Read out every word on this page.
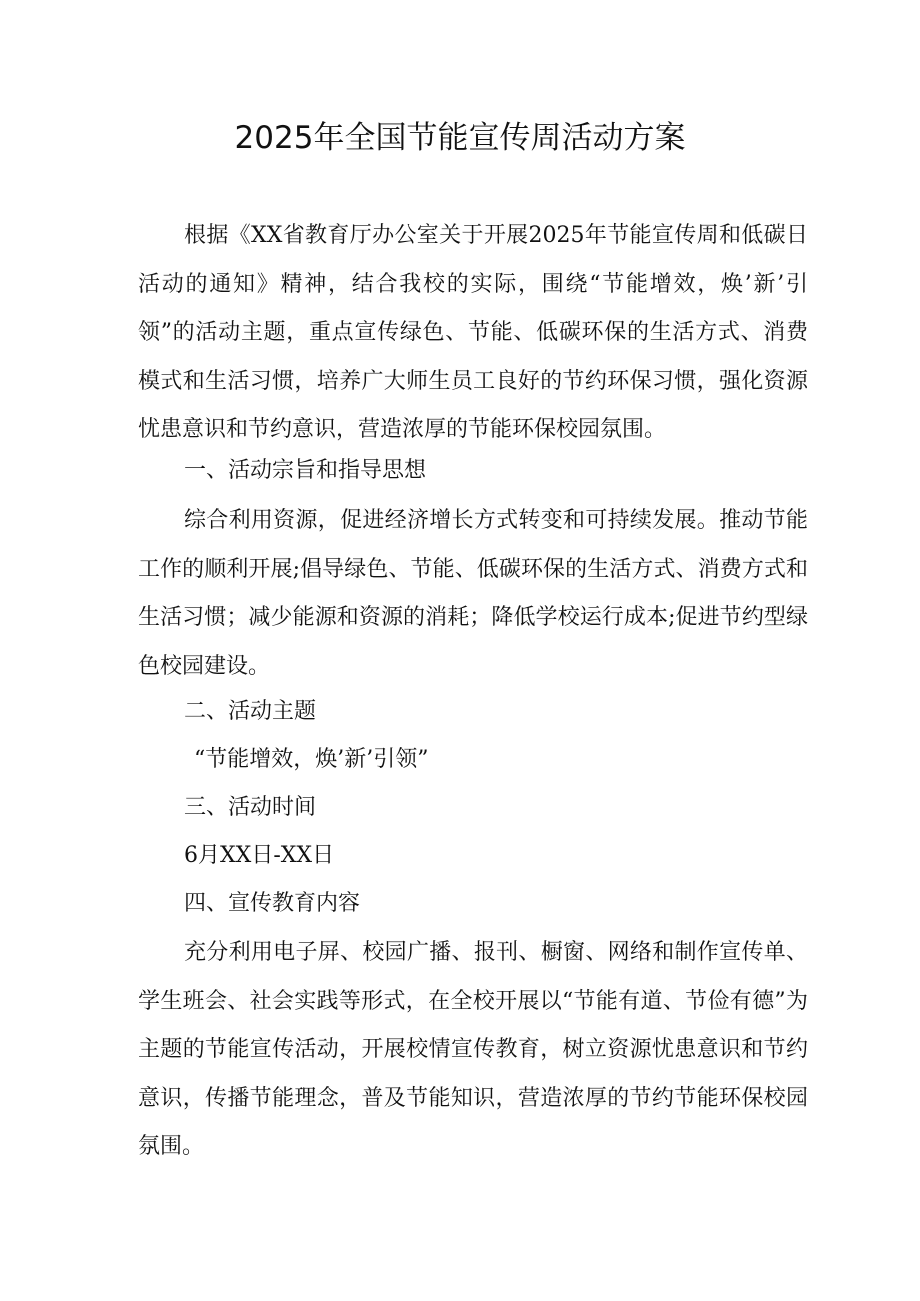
2025年全国节能宣传周活动方案

根据《XX省教育厅办公室关于开展2025年节能宣传周和低碳日活动的通知》精神，结合我校的实际，围绕“节能增效，焕’新’引领”的活动主题，重点宣传绿色、节能、低碳环保的生活方式、消费模式和生活习惯，培养广大师生员工良好的节约环保习惯，强化资源忧患意识和节约意识，营造浓厚的节能环保校园氛围。

一、活动宗旨和指导思想

综合利用资源，促进经济增长方式转变和可持续发展。推动节能工作的顺利开展;倡导绿色、节能、低碳环保的生活方式、消费方式和生活习惯；减少能源和资源的消耗；降低学校运行成本;促进节约型绿色校园建设。

二、活动主题

“节能增效，焕’新’引领”

三、活动时间

6月XX日-XX日

四、宣传教育内容

充分利用电子屏、校园广播、报刊、橱窗、网络和制作宣传单、学生班会、社会实践等形式，在全校开展以“节能有道、节俭有德”为主题的节能宣传活动，开展校情宣传教育，树立资源忧患意识和节约意识，传播节能理念，普及节能知识，营造浓厚的节约节能环保校园氛围。
